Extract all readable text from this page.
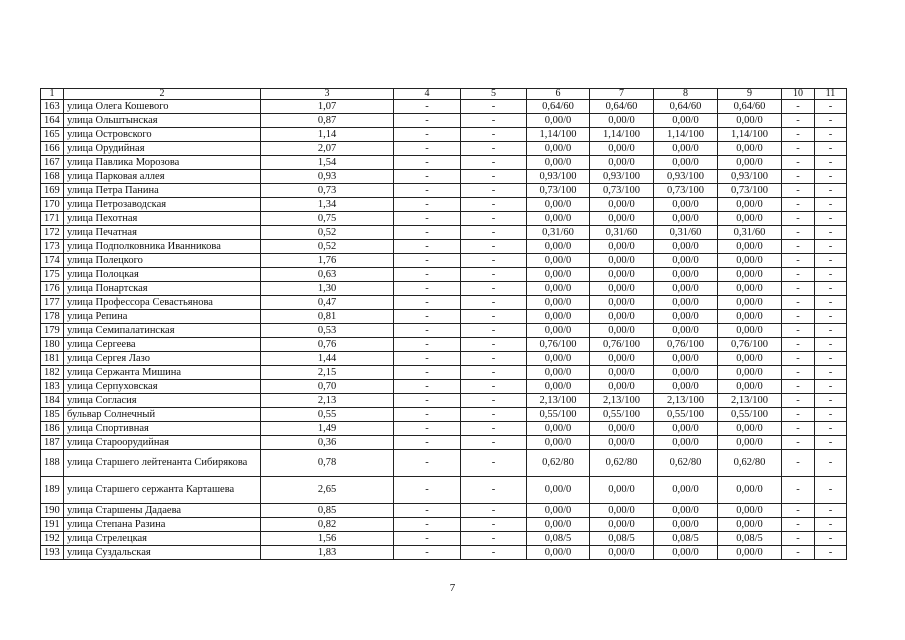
1	2	3	4	5	6	7	8	9	10	11
163	улица Олега Кошевого	1,07	-	-	0,64/60	0,64/60	0,64/60	0,64/60	-	-
164	улица Ольштынская	0,87	-	-	0,00/0	0,00/0	0,00/0	0,00/0	-	-
165	улица Островского	1,14	-	-	1,14/100	1,14/100	1,14/100	1,14/100	-	-
166	улица Орудийная	2,07	-	-	0,00/0	0,00/0	0,00/0	0,00/0	-	-
167	улица Павлика Морозова	1,54	-	-	0,00/0	0,00/0	0,00/0	0,00/0	-	-
168	улица Парковая аллея	0,93	-	-	0,93/100	0,93/100	0,93/100	0,93/100	-	-
169	улица Петра Панина	0,73	-	-	0,73/100	0,73/100	0,73/100	0,73/100	-	-
170	улица Петрозаводская	1,34	-	-	0,00/0	0,00/0	0,00/0	0,00/0	-	-
171	улица Пехотная	0,75	-	-	0,00/0	0,00/0	0,00/0	0,00/0	-	-
172	улица Печатная	0,52	-	-	0,31/60	0,31/60	0,31/60	0,31/60	-	-
173	улица Подполковника Иванникова	0,52	-	-	0,00/0	0,00/0	0,00/0	0,00/0	-	-
174	улица Полецкого	1,76	-	-	0,00/0	0,00/0	0,00/0	0,00/0	-	-
175	улица Полоцкая	0,63	-	-	0,00/0	0,00/0	0,00/0	0,00/0	-	-
176	улица Понартская	1,30	-	-	0,00/0	0,00/0	0,00/0	0,00/0	-	-
177	улица Профессора Севастьянова	0,47	-	-	0,00/0	0,00/0	0,00/0	0,00/0	-	-
178	улица Репина	0,81	-	-	0,00/0	0,00/0	0,00/0	0,00/0	-	-
179	улица Семипалатинская	0,53	-	-	0,00/0	0,00/0	0,00/0	0,00/0	-	-
180	улица Сергеева	0,76	-	-	0,76/100	0,76/100	0,76/100	0,76/100	-	-
181	улица Сергея Лазо	1,44	-	-	0,00/0	0,00/0	0,00/0	0,00/0	-	-
182	улица Сержанта Мишина	2,15	-	-	0,00/0	0,00/0	0,00/0	0,00/0	-	-
183	улица Серпуховская	0,70	-	-	0,00/0	0,00/0	0,00/0	0,00/0	-	-
184	улица Согласия	2,13	-	-	2,13/100	2,13/100	2,13/100	2,13/100	-	-
185	бульвар Солнечный	0,55	-	-	0,55/100	0,55/100	0,55/100	0,55/100	-	-
186	улица Спортивная	1,49	-	-	0,00/0	0,00/0	0,00/0	0,00/0	-	-
187	улица Староорудийная	0,36	-	-	0,00/0	0,00/0	0,00/0	0,00/0	-	-
188	улица Старшего лейтенанта Сибирякова	0,78	-	-	0,62/80	0,62/80	0,62/80	0,62/80	-	-
189	улица Старшего сержанта Карташева	2,65	-	-	0,00/0	0,00/0	0,00/0	0,00/0	-	-
190	улица Старшены Дадаева	0,85	-	-	0,00/0	0,00/0	0,00/0	0,00/0	-	-
191	улица Степана Разина	0,82	-	-	0,00/0	0,00/0	0,00/0	0,00/0	-	-
192	улица Стрелецкая	1,56	-	-	0,08/5	0,08/5	0,08/5	0,08/5	-	-
193	улица Суздальская	1,83	-	-	0,00/0	0,00/0	0,00/0	0,00/0	-	-
7
